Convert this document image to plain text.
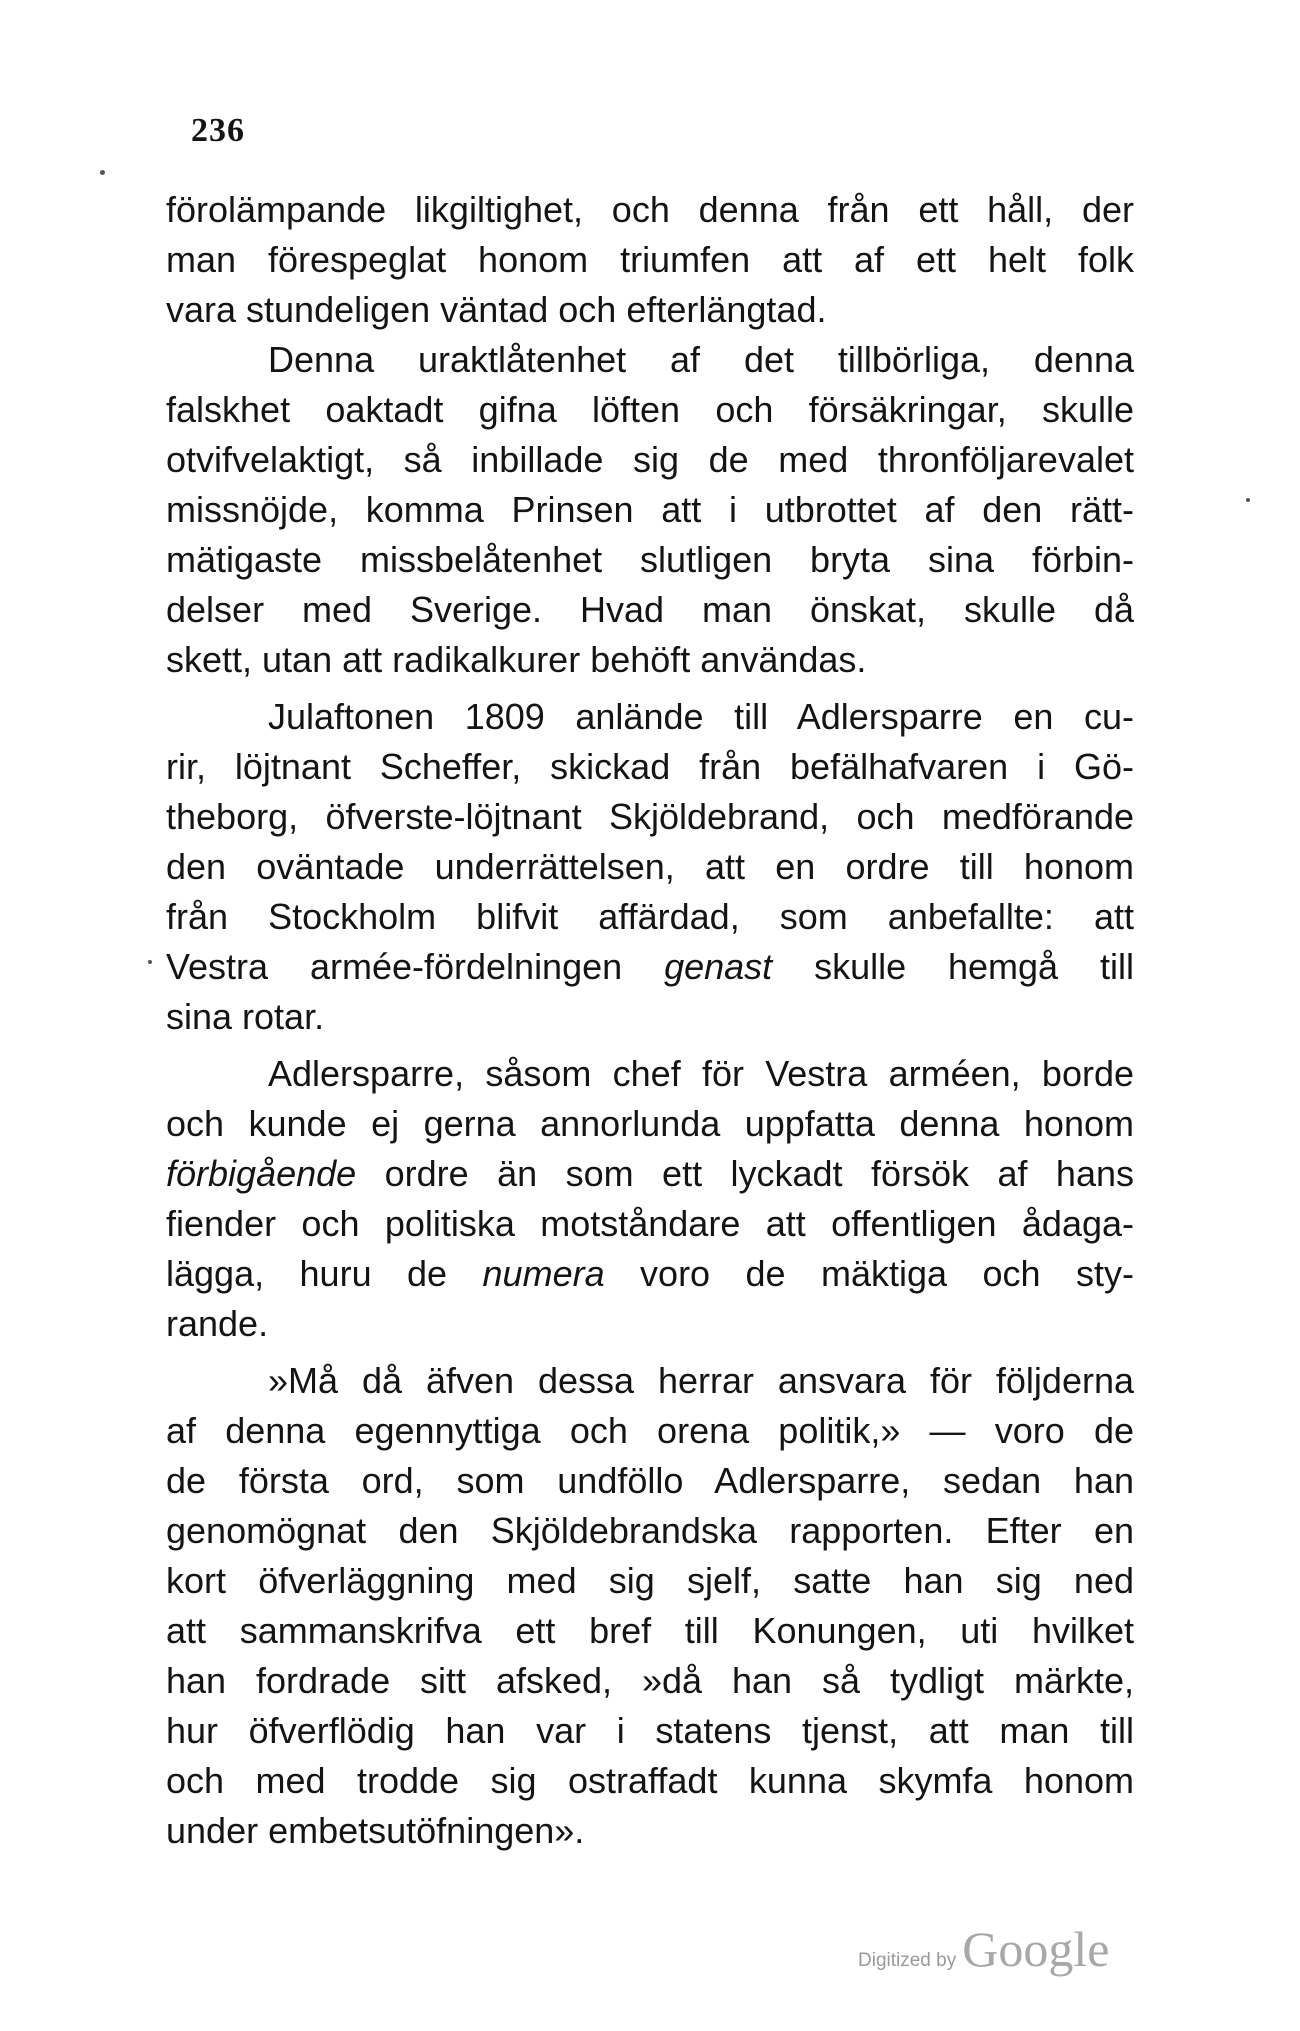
236
förolämpande likgiltighet, och denna från ett håll, der
man förespeglat honom triumfen att af ett helt folk
vara stundeligen väntad och efterlängtad.
Denna uraktlåtenhet af det tillbörliga, denna
falskhet oaktadt gifna löften och försäkringar, skulle
otvifvelaktigt, så inbillade sig de med thronföljarevalet
missnöjde, komma Prinsen att i utbrottet af den rätt-
mätigaste missbelåtenhet slutligen bryta sina förbin-
delser med Sverige. Hvad man önskat, skulle då
skett, utan att radikalkurer behöft användas.
Julaftonen 1809 anlände till Adlersparre en cu-
rir, löjtnant Scheffer, skickad från befälhafvaren i Gö-
theborg, öfverste-löjtnant Skjöldebrand, och medförande
den oväntade underrättelsen, att en ordre till honom
från Stockholm blifvit affärdad, som anbefallte: att
Vestra armée-fördelningen genast skulle hemgå till
sina rotar.
Adlersparre, såsom chef för Vestra arméen, borde
och kunde ej gerna annorlunda uppfatta denna honom
förbigående ordre än som ett lyckadt försök af hans
fiender och politiska motståndare att offentligen ådaga-
lägga, huru de numera voro de mäktiga och sty-
rande.
»Må då äfven dessa herrar ansvara för följderna
af denna egennyttiga och orena politik,» — voro de
de första ord, som undföllo Adlersparre, sedan han
genomögnat den Skjöldebrandska rapporten. Efter en
kort öfverläggning med sig sjelf, satte han sig ned
att sammanskrifva ett bref till Konungen, uti hvilket
han fordrade sitt afsked, »då han så tydligt märkte,
hur öfverflödig han var i statens tjenst, att man till
och med trodde sig ostraffadt kunna skymfa honom
under embetsutöfningen».
Digitized by Google
